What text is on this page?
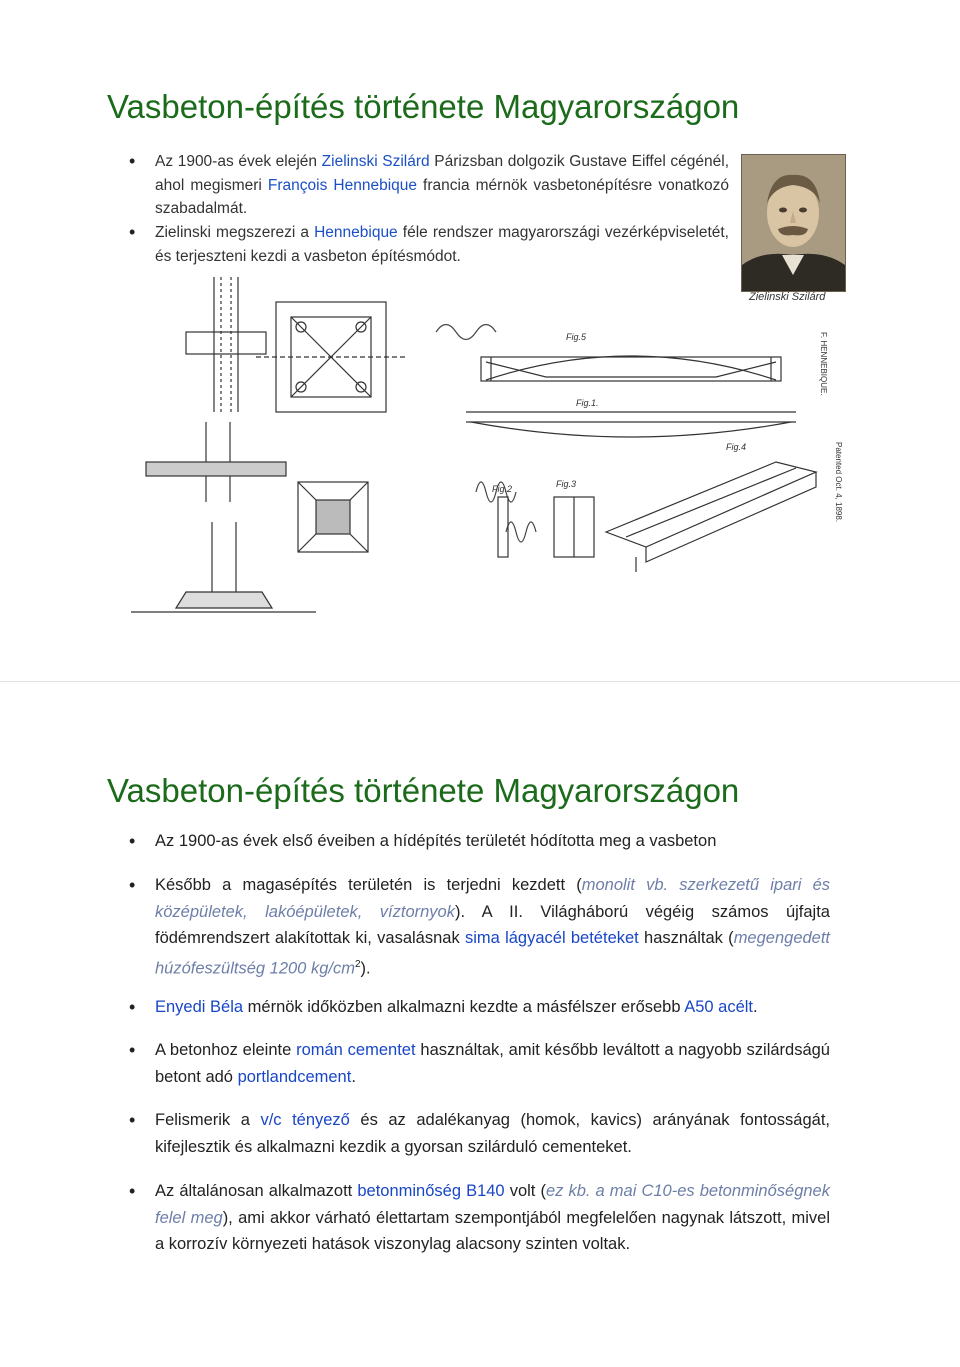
Vasbeton-építés története Magyarországon
• Az 1900-as évek elején Zielinski Szilárd Párizsban dolgozik Gustave Eiffel cégénél, ahol megismeri François Hennebique francia mérnök vasbetonépítésre vonatkozó szabadalmát.
• Zielinski megszerezi a Hennebique féle rendszer magyarországi vezérképviseletét, és terjeszteni kezdi a vasbeton építésmódot.
Zielinski Szilárd
Fig.5
Fig.1.
Fig.2	Fig.3
Fig.4
F. HENNEBIQUE.
Patented Oct. 4, 1898.
Vasbeton-építés története Magyarországon
• Az 1900-as évek első éveiben a hídépítés területét hódította meg a vasbeton
• Később a magasépítés területén is terjedni kezdett (monolit vb. szerkezetű ipari és középületek, lakóépületek, víztornyok). A II. Világháború végéig számos újfajta födémrendszert alakítottak ki, vasalásnak sima lágyacél betéteket használtak (megengedett húzófeszültség 1200 $kg/cm^2$).
• Enyedi Béla mérnök időközben alkalmazni kezdte a másfélszer erősebb A50 acélt.
• A betonhoz eleinte román cementet használtak, amit később leváltott a nagyobb szilárdságú betont adó portlandcement.
• Felismerik a v/c tényező és az adalékanyag (homok, kavics) arányának fontosságát, kifejlesztik és alkalmazni kezdik a gyorsan szilárduló cementeket.
• Az általánosan alkalmazott betonminőség B140 volt (ez kb. a mai C10-es betonminőségnek felel meg), ami akkor várható élettartam szempontjából megfelelően nagynak látszott, mivel a korrozív környezeti hatások viszonylag alacsony szinten voltak.
